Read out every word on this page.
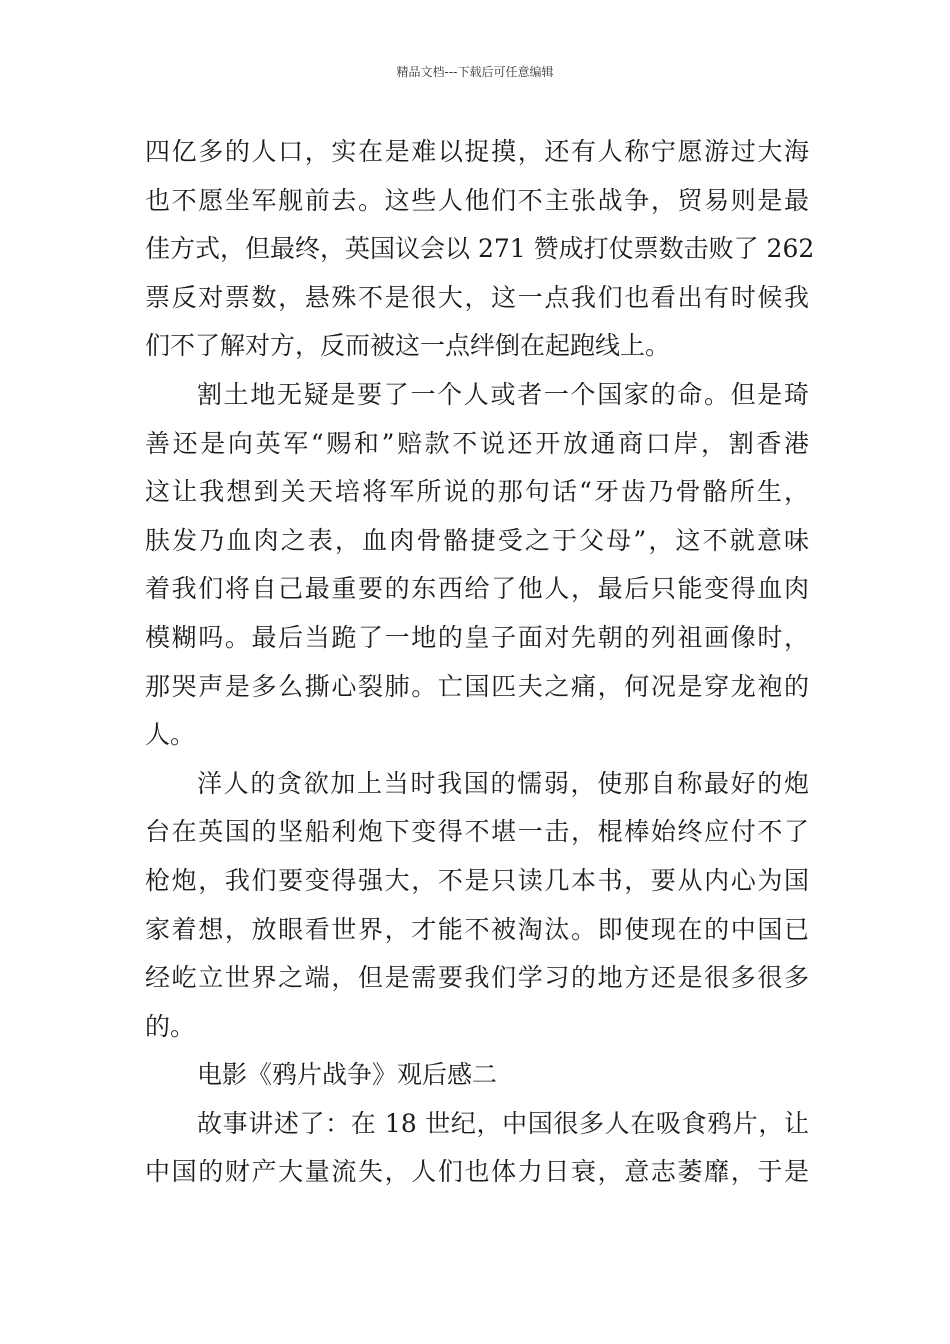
精品文档---下载后可任意编辑
四亿多的人口，实在是难以捉摸，还有人称宁愿游过大海
也不愿坐军舰前去。这些人他们不主张战争，贸易则是最
佳方式，但最终，英国议会以 271 赞成打仗票数击败了 262
票反对票数，悬殊不是很大，这一点我们也看出有时候我
们不了解对方，反而被这一点绊倒在起跑线上。
割土地无疑是要了一个人或者一个国家的命。但是琦
善还是向英军“赐和”赔款不说还开放通商口岸，割香港
这让我想到关天培将军所说的那句话“牙齿乃骨骼所生，
肤发乃血肉之表，血肉骨骼捷受之于父母”，这不就意味
着我们将自己最重要的东西给了他人，最后只能变得血肉
模糊吗。最后当跪了一地的皇子面对先朝的列祖画像时，
那哭声是多么撕心裂肺。亡国匹夫之痛，何况是穿龙袍的
人。
洋人的贪欲加上当时我国的懦弱，使那自称最好的炮
台在英国的坚船利炮下变得不堪一击，棍棒始终应付不了
枪炮，我们要变得强大，不是只读几本书，要从内心为国
家着想，放眼看世界，才能不被淘汰。即使现在的中国已
经屹立世界之端，但是需要我们学习的地方还是很多很多
的。
电影《鸦片战争》观后感二
故事讲述了：在 18 世纪，中国很多人在吸食鸦片，让
中国的财产大量流失，人们也体力日衰，意志萎靡，于是
